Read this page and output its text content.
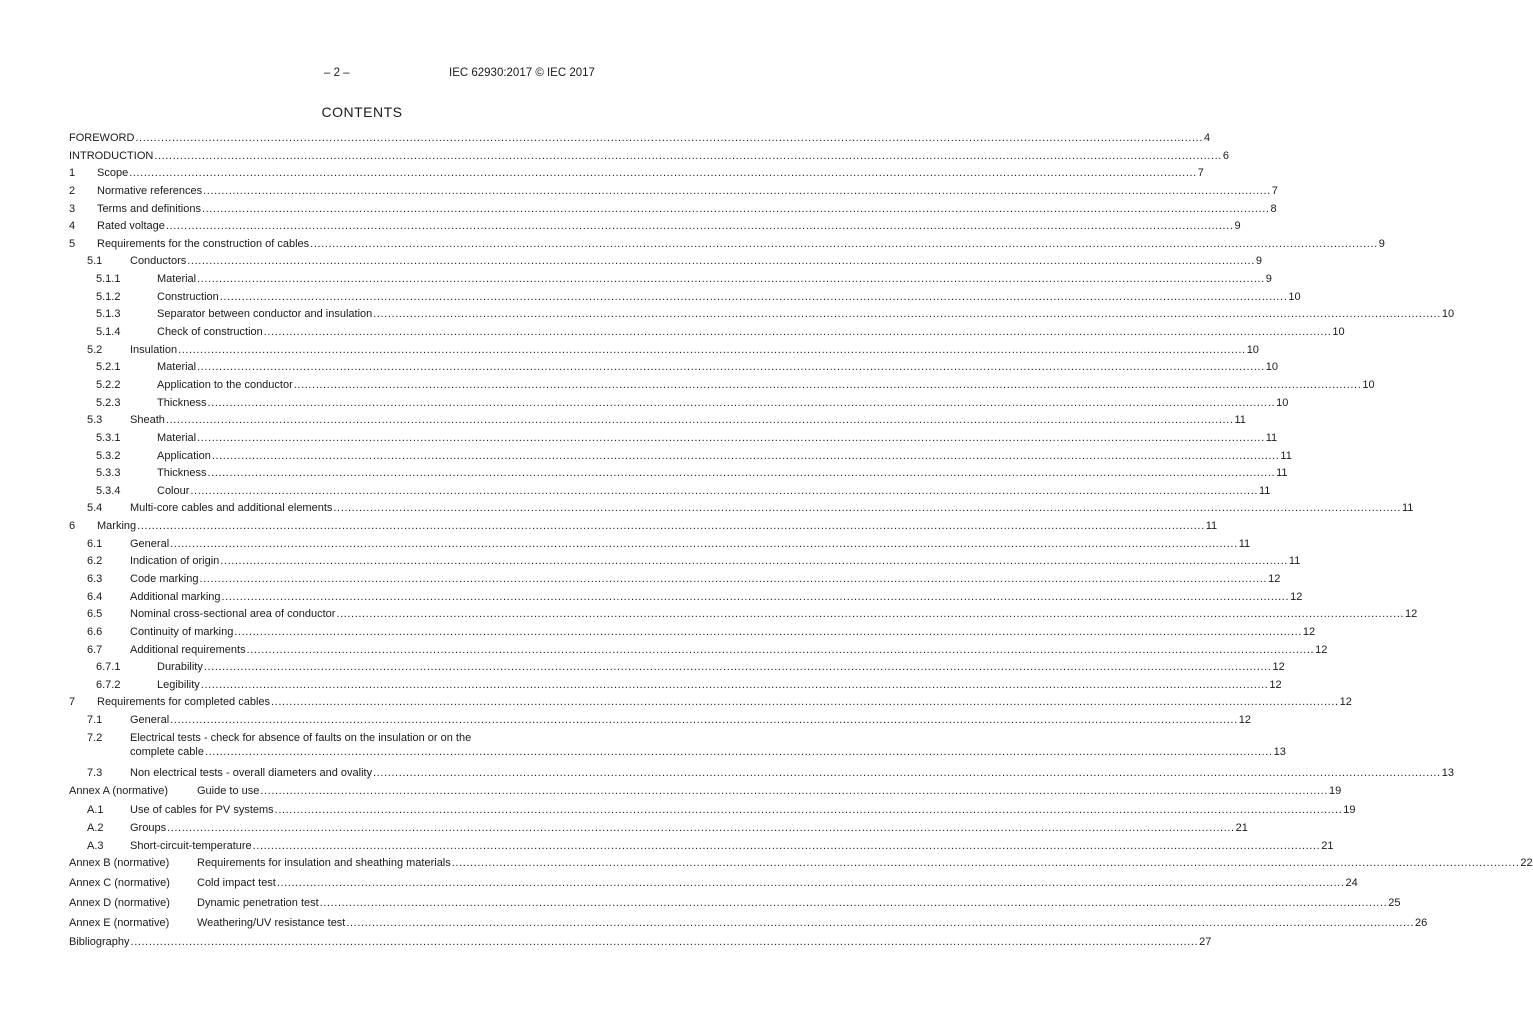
– 2 –	IEC 62930:2017 © IEC 2017
CONTENTS
FOREWORD .....	4
INTRODUCTION .....	6
1	Scope .....	7
2	Normative references .....	7
3	Terms and definitions .....	8
4	Rated voltage .....	9
5	Requirements for the construction of cables .....	9
5.1	Conductors .....	9
5.1.1	Material .....	9
5.1.2	Construction .....	10
5.1.3	Separator between conductor and insulation .....	10
5.1.4	Check of construction .....	10
5.2	Insulation .....	10
5.2.1	Material .....	10
5.2.2	Application to the conductor .....	10
5.2.3	Thickness .....	10
5.3	Sheath .....	11
5.3.1	Material .....	11
5.3.2	Application .....	11
5.3.3	Thickness .....	11
5.3.4	Colour .....	11
5.4	Multi-core cables and additional elements .....	11
6	Marking .....	11
6.1	General .....	11
6.2	Indication of origin .....	11
6.3	Code marking .....	12
6.4	Additional marking .....	12
6.5	Nominal cross-sectional area of conductor .....	12
6.6	Continuity of marking .....	12
6.7	Additional requirements .....	12
6.7.1	Durability .....	12
6.7.2	Legibility .....	12
7	Requirements for completed cables .....	12
7.1	General .....	12
7.2	Electrical tests - check for absence of faults on the insulation or on the
complete cable .....	13
7.3	Non electrical tests - overall diameters and ovality .....	13
Annex A (normative)	Guide to use .....	19
A.1	Use of cables for PV systems .....	19
A.2	Groups .....	21
A.3	Short-circuit-temperature .....	21
Annex B (normative)	Requirements for insulation and sheathing materials .....	22
Annex C (normative)	Cold impact test .....	24
Annex D (normative)	Dynamic penetration test .....	25
Annex E (normative)	Weathering/UV resistance test .....	26
Bibliography .....	27
